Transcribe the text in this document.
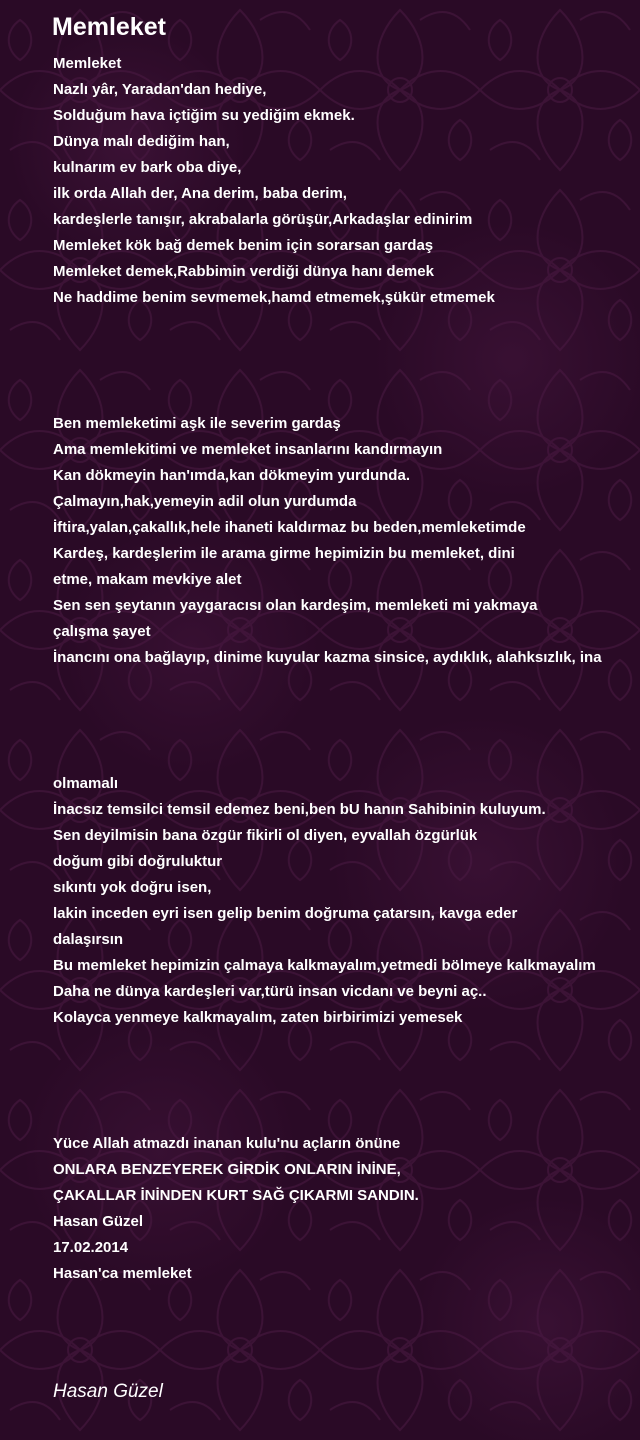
Memleket
Memleket
Nazlı yâr, Yaradan'dan hediye,
Solduğum hava içtiğim su yediğim ekmek.
Dünya malı dediğim han,
kulnarım ev bark oba diye,
ilk orda Allah der, Ana derim, baba derim,
kardeşlerle tanışır, akrabalarla görüşür,Arkadaşlar edinirim
Memleket kök bağ demek benim için sorarsan gardaş
Memleket demek,Rabbimin verdiği dünya hanı demek
Ne haddime benim sevmemek,hamd etmemek,şükür etmemek
Ben memleketimi aşk ile severim gardaş
Ama memlekitimi ve memleket insanlarını kandırmayın
Kan dökmeyin han'ımda,kan dökmeyim yurdunda.
Çalmayın,hak,yemeyin adil olun yurdumda
İftira,yalan,çakallık,hele ihaneti kaldırmaz bu beden,memleketimde
Kardeş, kardeşlerim ile arama girme hepimizin bu memleket, dini
etme, makam mevkiye alet
Sen sen şeytanın yaygaracısı olan kardeşim, memleketi mi yakmaya
çalışma şayet
İnancını ona bağlayıp, dinime kuyular kazma sinsice, aydıklık, alahksızlık, ina
olmamalı
İnacsız temsilci temsil edemez beni,ben bU hanın Sahibinin kuluyum.
Sen deyilmisin bana özgür fikirli ol diyen, eyvallah özgürlük
doğum gibi doğruluktur
sıkıntı yok doğru isen,
lakin inceden eyri isen gelip benim doğruma çatarsın, kavga eder
dalaşırsın
Bu memleket hepimizin çalmaya kalkmayalım,yetmedi bölmeye kalkmayalım
Daha ne dünya kardeşleri var,türü insan vicdanı ve beyni aç..
Kolayca yenmeye kalkmayalım, zaten birbirimizi yemesek
Yüce Allah atmazdı inanan kulu'nu açların önüne
ONLARA BENZEYEREK GİRDİK ONLARIN İNİNE,
ÇAKALLAR İNİNDEN KURT SAĞ ÇIKARMI SANDIN.
Hasan Güzel
17.02.2014
Hasan'ca memleket

Hasan Güzel
